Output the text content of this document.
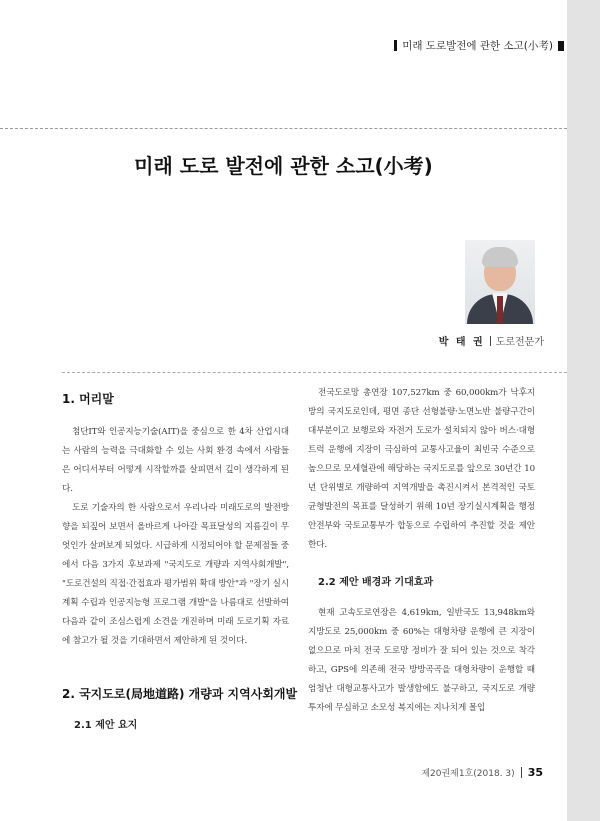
미래 도로발전에 관한 소고(小考)
미래 도로 발전에 관한 소고(小考)
박 태 권 도로전문가
1. 머리말

첨단IT와 인공지능기술(AIT)을 중심으로 한 4차 산업시대는 사람의 능력을 극대화할 수 있는 사회 환경 속에서 사람들은 어디서부터 어떻게 시작할까를 살피면서 깊이 생각하게 된다.

도로 기술자의 한 사람으로서 우리나라 미래도로의 발전방향을 되짚어 보면서 올바르게 나아갈 목표달성의 지름길이 무엇인가 살펴보게 되었다. 시급하게 시정되어야 할 문제점들 중에서 다음 3가지 후보과제 "국지도로 개량과 지역사회개발", "도로건설의 직접·간접효과 평가범위 확대 방안"과 "장기 실시계획 수립과 인공지능형 프로그램 개발"을 나름대로 선발하여 다음과 같이 조심스럽게 소견을 개진하며 미래 도로기획 자료에 참고가 될 것을 기대하면서 제안하게 된 것이다.

2. 국지도로(局地道路) 개량과 지역사회개발
2.1 제안 요지

전국도로망 총연장 107,527km 중 60,000km가 낙후지방의 국지도로인데, 평면 종단 선형불량·노면노반 불량구간이 대부분이고 보행로와 자전거 도로가 설치되지 않아 버스·대형트럭 운행에 지장이 극심하여 교통사고율이 최빈국 수준으로 높으므로 모세혈관에 해당하는 국지도로를 앞으로 30년간 10년 단위별로 개량하여 지역개발을 촉진시켜서 본격적인 국토균형발전의 목표를 달성하기 위해 10년 장기실시계획을 행정안전부와 국토교통부가 합동으로 수립하여 추진할 것을 제안한다.

2.2 제안 배경과 기대효과

현재 고속도로연장은 4,619km, 일반국도 13,948km와 지방도로 25,000km 중 60%는 대형차량 운행에 큰 지장이 없으므로 마치 전국 도로망 정비가 잘 되어 있는 것으로 착각하고, GPS에 의존해 전국 방방곡곡을 대형차량이 운행할 때 엄청난 대형교통사고가 발생함에도 불구하고, 국지도로 개량 투자에 무심하고 소모성 복지에는 지나치게 몰입

제20권제1호(2018. 3) 35
